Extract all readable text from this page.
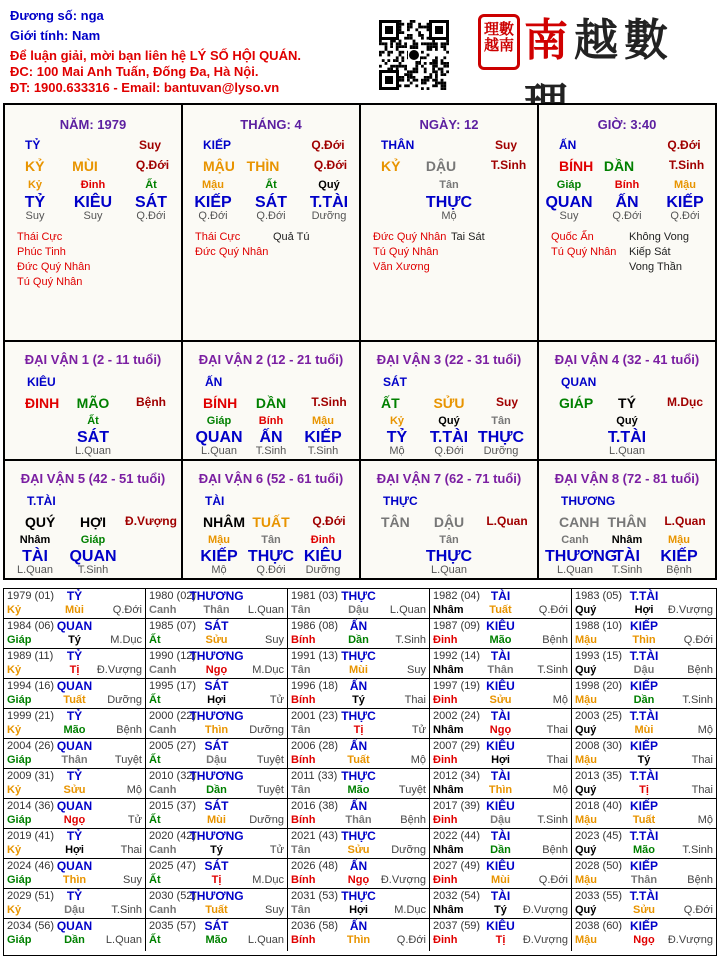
Đương số: nga
Giới tính: Nam
Để luận giải, mời bạn liên hệ LÝ SỐ HỘI QUÁN.
ĐC: 100 Mai Anh Tuấn, Đống Đa, Hà Nội.
ĐT: 1900.633316 - Email: bantuvan@lyso.vn
理數
越南 南越數
NĂM: 1979
TỶ	Suy
KỶ	MÙI	Q.Đới
Kỷ	Đinh	Ất
TỶ	KIÊU	SÁT
Suy	Suy	Q.Đới
Thái Cực
Phúc Tinh
Đức Quý Nhân
Tú Quý Nhân
THÁNG: 4
KIẾP	Q.Đới
MẬU THÌN	Q.Đới
Mậu	Ất	Quý
KIẾP	SÁT	T.TÀI
Q.Đới	Q.Đới	Dưỡng
Thái Cực	Quả Tú
Đức Quý Nhân
NGÀY: 12
THÂN	Suy
KỶ	DẬU	T.Sinh
Tân
THỰC
Mộ
Đức Quý Nhân Tai Sát
Tú Quý Nhân
Văn Xương
GIỜ: 3:40
ẤN	Q.Đới
BÍNH DẦN	T.Sinh
Giáp	Bính	Mậu
QUAN	ẤN	KIẾP
Suy	Q.Đới	Q.Đới
Quốc Ấn	Không Vong
Tú Quý Nhân Kiếp Sát
Vong Thần
ĐẠI VẬN 1 (2 - 11 tuổi)
KIÊU
ĐINH	MÃO	Bệnh
Ất
SÁT
L.Quan
ĐẠI VẬN 2 (12 - 21 tuổi)
ẤN
BÍNH	DẦN	T.Sinh
Giáp	Bính	Mậu
QUAN	ẤN	KIẾP
L.Quan	T.Sinh	T.Sinh
ĐẠI VẬN 3 (22 - 31 tuổi)
SÁT
ẤT	SỬU	Suy
Kỷ	Quý	Tân
TỶ	T.TÀI THỰC
Mộ	Q.Đới	Dưỡng
ĐẠI VẬN 4 (32 - 41 tuổi)
QUAN
GIÁP	TÝ	M.Dục
Quý
T.TÀI
L.Quan
ĐẠI VẬN 5 (42 - 51 tuổi)
T.TÀI
QUÝ	HỢI	Đ.Vượng
Nhâm	Giáp
TÀI	QUAN
L.Quan	T.Sinh
ĐẠI VẬN 6 (52 - 61 tuổi)
TÀI
NHÂM TUẤT	Q.Đới
Mậu	Tân	Đinh
KIẾP THỰC KIÊU
Mộ	Q.Đới	Dưỡng
ĐẠI VẬN 7 (62 - 71 tuổi)
THỰC
TÂN	DẬU	L.Quan
Tân
THỰC
L.Quan
ĐẠI VẬN 8 (72 - 81 tuổi)
THƯƠNG
CANH THÂN	L.Quan
Canh	Nhâm	Mậu
THƯƠNG
TÀI	KIẾP
L.Quan	T.Sinh	Bệnh
1979 (01)	TỶ
Kỷ	Mùi	Q.Đới
1980 (02)
THƯƠNG
Canh	Thân	L.Quan
1981 (03) THỰC
Tân	Dậu	L.Quan
1982 (04) TÀI
Nhâm	Tuất	Q.Đới
1983 (05) T.TÀI
Quý	Hợi	Đ.Vượng
1984 (06) QUAN
Giáp	Tý	M.Dục
1985 (07) SÁT
Ất	Sửu	Suy
1986 (08) ẤN
Bính	Dần	T.Sinh
1987 (09) KIÊU
Đinh	Mão	Bệnh
1988 (10) KIẾP
Mậu	Thìn	Q.Đới
1989 (11)	TỶ
Kỷ	Tị	Đ.Vượng
1990 (12)
THƯƠNG
Canh	Ngọ	M.Dục
1991 (13) THỰC
Tân	Mùi	Suy
1992 (14) TÀI
Nhâm	Thân	T.Sinh
1993 (15) T.TÀI
Quý	Dậu	Bệnh
1994 (16) QUAN
Giáp	Tuất	Dưỡng
1995 (17) SÁT
Ất	Hợi	Tử
1996 (18) ẤN
Bính	Tý	Thai
1997 (19) KIÊU
Đinh	Sửu	Mộ
1998 (20) KIẾP
Mậu	Dần	T.Sinh
1999 (21)	TỶ
Kỷ	Mão	Bệnh
2000 (22)
THƯƠNG
Canh	Thìn	Dưỡng
2001 (23) THỰC
Tân	Tị	Tử
2002 (24) TÀI
Nhâm	Ngọ	Thai
2003 (25) T.TÀI
Quý	Mùi	Mộ
2004 (26) QUAN
Giáp	Thân	Tuyệt
2005 (27) SÁT
Ất	Dậu	Tuyệt
2006 (28) ẤN
Bính	Tuất	Mộ
2007 (29) KIÊU
Đinh	Hợi	Thai
2008 (30) KIẾP
Mậu	Tý	Thai
2009 (31)	TỶ
Kỷ	Sửu	Mộ
2010 (32)
THƯƠNG
Canh	Dần	Tuyệt
2011 (33) THỰC
Tân	Mão	Tuyệt
2012 (34) TÀI
Nhâm	Thìn	Mộ
2013 (35) T.TÀI
Quý	Tị	Thai
2014 (36) QUAN
Giáp	Ngọ	Tử
2015 (37) SÁT
Ất	Mùi	Dưỡng
2016 (38) ẤN
Bính	Thân	Bệnh
2017 (39) KIÊU
Đinh	Dậu	T.Sinh
2018 (40) KIẾP
Mậu	Tuất	Mộ
2019 (41)	TỶ
Kỷ	Hợi	Thai
2020 (42)
THƯƠNG
Canh	Tý	Tử
2021 (43) THỰC
Tân	Sửu	Dưỡng
2022 (44) TÀI
Nhâm	Dần	Bệnh
2023 (45) T.TÀI
Quý	Mão	T.Sinh
2024 (46) QUAN
Giáp	Thìn	Suy
2025 (47) SÁT
Ất	Tị	M.Dục
2026 (48) ẤN
Bính	Ngọ	Đ.Vượng
2027 (49) KIÊU
Đinh	Mùi	Q.Đới
2028 (50) KIẾP
Mậu	Thân	Bệnh
2029 (51)	TỶ
Kỷ	Dậu	T.Sinh
2030 (52)
THƯƠNG
Canh	Tuất	Suy
2031 (53) THỰC
Tân	Hợi	M.Dục
2032 (54) TÀI
Nhâm	Tý	Đ.Vượng
2033 (55) T.TÀI
Quý	Sửu	Q.Đới
2034 (56) QUAN
Giáp	Dần	L.Quan
2035 (57) SÁT
Ất	Mão	L.Quan
2036 (58) ẤN
Bính	Thìn	Q.Đới
2037 (59) KIÊU
Đinh	Tị	Đ.Vượng
2038 (60) KIẾP
Mậu	Ngọ	Đ.Vượng
